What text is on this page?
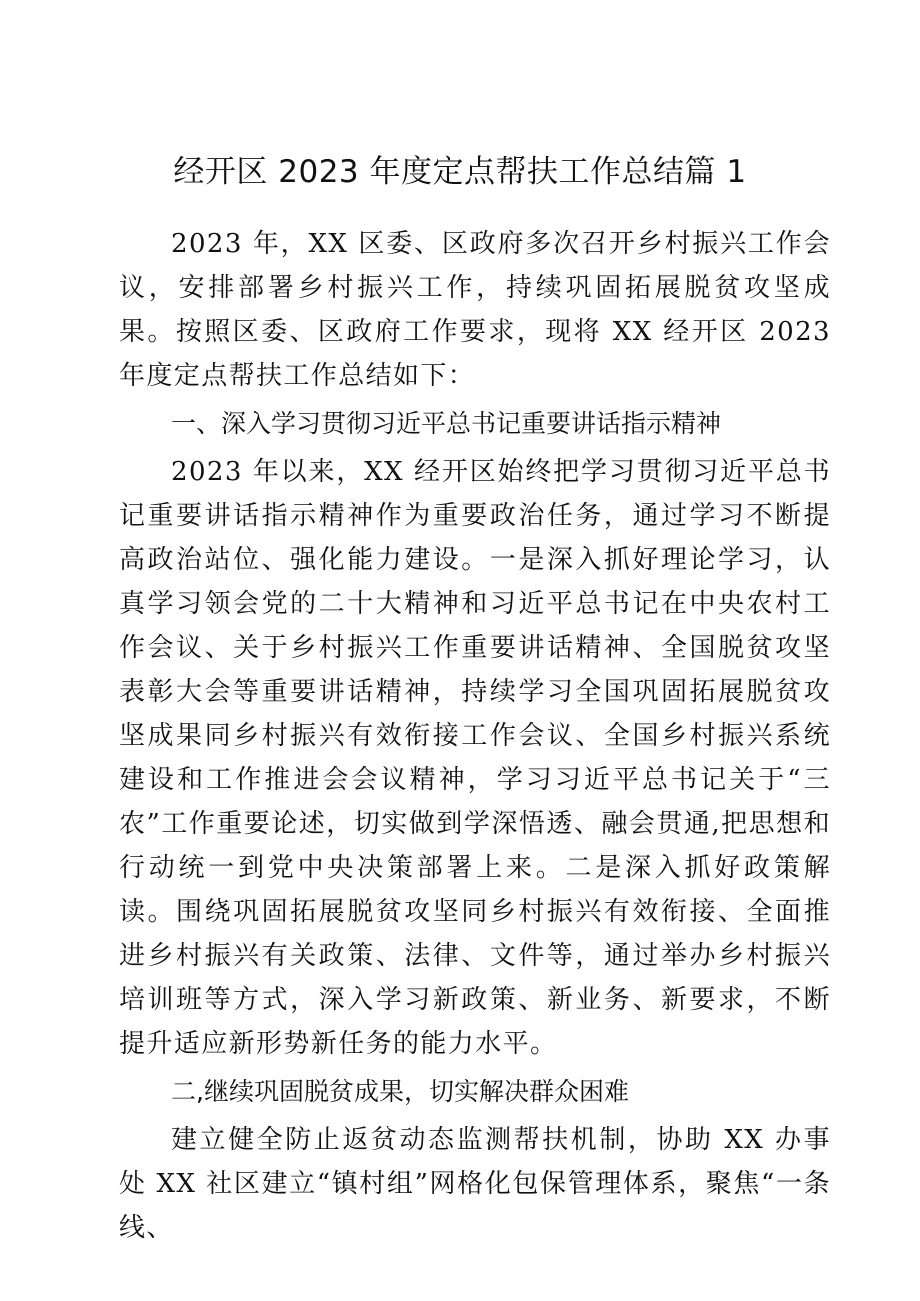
经开区 2023 年度定点帮扶工作总结篇 1

2023 年，XX 区委、区政府多次召开乡村振兴工作会议，安排部署乡村振兴工作，持续巩固拓展脱贫攻坚成果。按照区委、区政府工作要求，现将 XX 经开区 2023 年度定点帮扶工作总结如下：

一、深入学习贯彻习近平总书记重要讲话指示精神

2023 年以来，XX 经开区始终把学习贯彻习近平总书记重要讲话指示精神作为重要政治任务，通过学习不断提高政治站位、强化能力建设。一是深入抓好理论学习，认真学习领会党的二十大精神和习近平总书记在中央农村工作会议、关于乡村振兴工作重要讲话精神、全国脱贫攻坚表彰大会等重要讲话精神，持续学习全国巩固拓展脱贫攻坚成果同乡村振兴有效衔接工作会议、全国乡村振兴系统建设和工作推进会会议精神，学习习近平总书记关于“三农”工作重要论述，切实做到学深悟透、融会贯通,把思想和行动统一到党中央决策部署上来。二是深入抓好政策解读。围绕巩固拓展脱贫攻坚同乡村振兴有效衔接、全面推进乡村振兴有关政策、法律、文件等，通过举办乡村振兴培训班等方式，深入学习新政策、新业务、新要求，不断提升适应新形势新任务的能力水平。

二,继续巩固脱贫成果，切实解决群众困难

建立健全防止返贫动态监测帮扶机制，协助 XX 办事处 XX 社区建立“镇村组”网格化包保管理体系，聚焦“一条线、
